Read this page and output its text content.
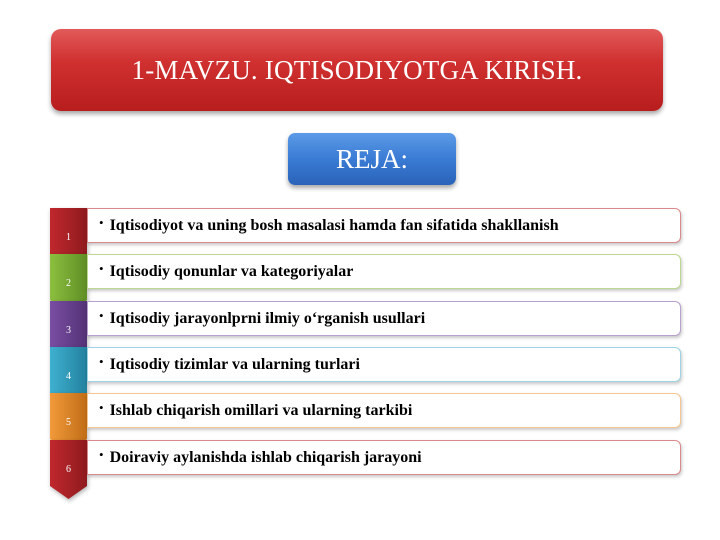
1-MAVZU. IQTISODIYOTGA KIRISH.
REJA:
1
• Iqtisodiyot va uning bosh masalasi hamda fan sifatida shakllanish
2
• Iqtisodiy qonunlar va kategoriyalar
3
• Iqtisodiy jarayonlprni ilmiy o‘rganish usullari
4
• Iqtisodiy tizimlar va ularning turlari
5
• Ishlab chiqarish omillari va ularning tarkibi
6
• Doiraviy aylanishda ishlab chiqarish jarayoni
